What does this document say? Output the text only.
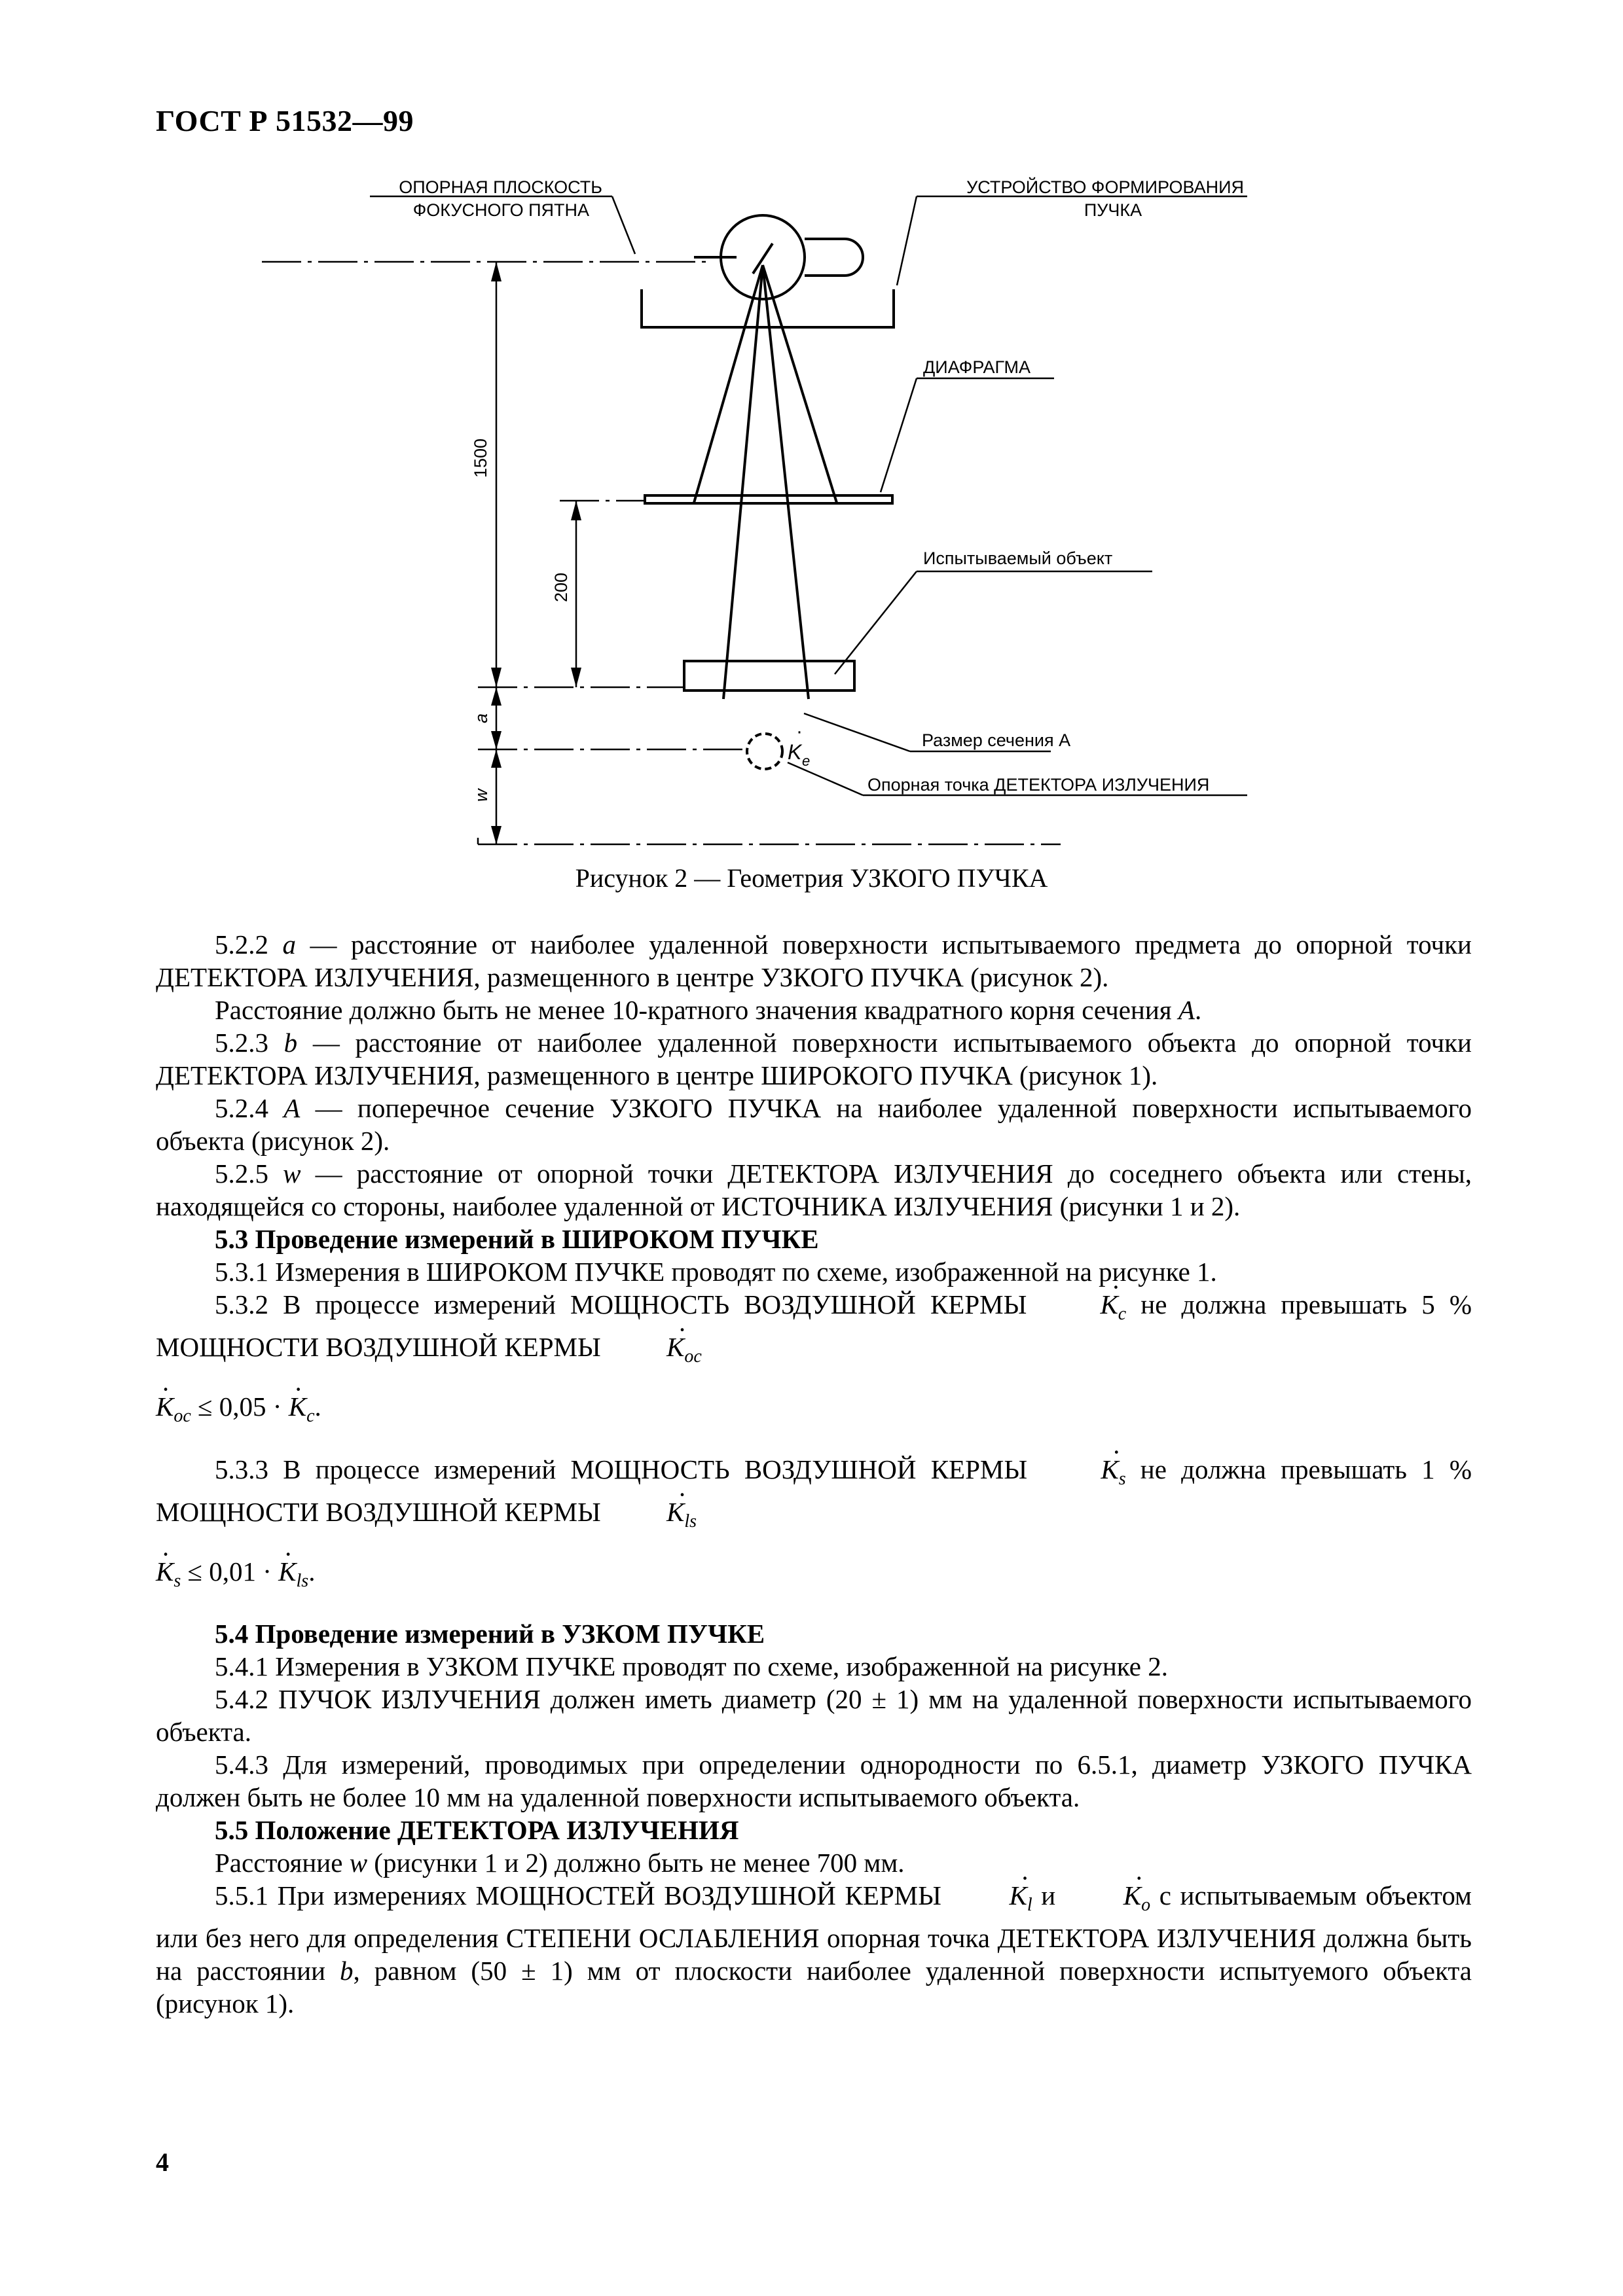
ГОСТ Р 51532—99
ОПОРНАЯ ПЛОСКОСТЬ
ФОКУСНОГО ПЯТНА
УСТРОЙСТВО ФОРМИРОВАНИЯ
ПУЧКА
ДИАФРАГМА
Испытываемый объект
Размер сечения А
Опорная точка ДЕТЕКТОРА ИЗЛУЧЕНИЯ
1500
200
a
w
K e
·
Рисунок 2 — Геометрия УЗКОГО ПУЧКА

5.2.2 a — расстояние от наиболее удаленной поверхности испытываемого предмета до опорной точки ДЕТЕКТОРА ИЗЛУЧЕНИЯ, размещенного в центре УЗКОГО ПУЧКА (рисунок 2).

Расстояние должно быть не менее 10-кратного значения квадратного корня сечения A.

5.2.3 b — расстояние от наиболее удаленной поверхности испытываемого объекта до опорной точки ДЕТЕКТОРА ИЗЛУЧЕНИЯ, размещенного в центре ШИРОКОГО ПУЧКА (рисунок 1).

5.2.4 A — поперечное сечение УЗКОГО ПУЧКА на наиболее удаленной поверхности испытываемого объекта (рисунок 2).

5.2.5 w — расстояние от опорной точки ДЕТЕКТОРА ИЗЛУЧЕНИЯ до соседнего объекта или стены, находящейся со стороны, наиболее удаленной от ИСТОЧНИКА ИЗЛУЧЕНИЯ (рисунки 1 и 2).

5.3 Проведение измерений в ШИРОКОМ ПУЧКЕ

5.3.1 Измерения в ШИРОКОМ ПУЧКЕ проводят по схеме, изображенной на рисунке 1.

5.3.2 В процессе измерений МОЩНОСТЬ ВОЗДУШНОЙ КЕРМЫ · $K_c$ не должна превышать 5 % МОЩНОСТИ ВОЗДУШНОЙ КЕРМЫ · $K_{oc}$

· $K_{oc} \le 0,05$ · · $K_c$.

5.3.3 В процессе измерений МОЩНОСТЬ ВОЗДУШНОЙ КЕРМЫ · $K_s$ не должна превышать 1 % МОЩНОСТИ ВОЗДУШНОЙ КЕРМЫ · $K_{ls}$

· $K_s \le 0,01$ · · $K_{ls}$.

5.4 Проведение измерений в УЗКОМ ПУЧКЕ

5.4.1 Измерения в УЗКОМ ПУЧКЕ проводят по схеме, изображенной на рисунке 2.

5.4.2 ПУЧОК ИЗЛУЧЕНИЯ должен иметь диаметр (20 ± 1) мм на удаленной поверхности испытываемого объекта.

5.4.3 Для измерений, проводимых при определении однородности по 6.5.1, диаметр УЗКОГО ПУЧКА должен быть не более 10 мм на удаленной поверхности испытываемого объекта.

5.5 Положение ДЕТЕКТОРА ИЗЛУЧЕНИЯ

Расстояние w (рисунки 1 и 2) должно быть не менее 700 мм.

5.5.1 При измерениях МОЩНОСТЕЙ ВОЗДУШНОЙ КЕРМЫ · $K_l$ $и \cdot K_o$ с испытываемым объектом или без него для определения СТЕПЕНИ ОСЛАБЛЕНИЯ опорная точка ДЕТЕКТОРА ИЗЛУЧЕНИЯ должна быть на расстоянии b, равном (50 ± 1) мм от плоскости наиболее удаленной поверхности испытуемого объекта (рисунок 1).

4
